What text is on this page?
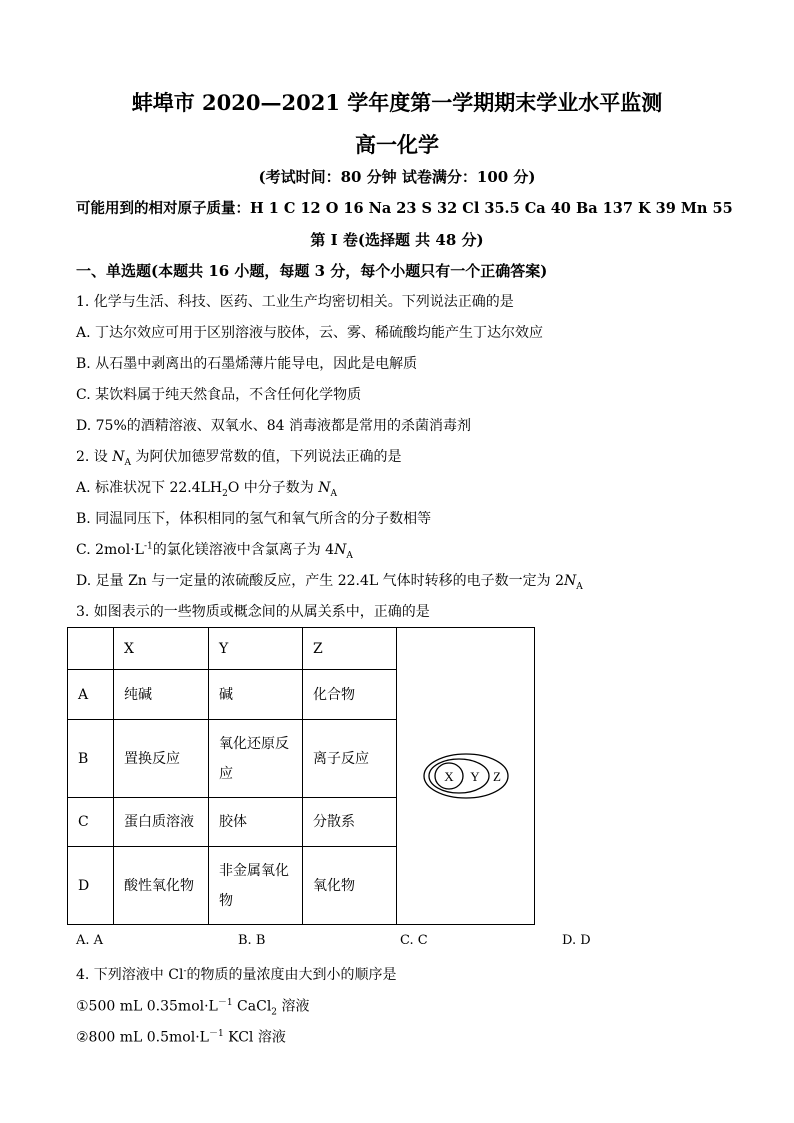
蚌埠市 2020—2021 学年度第一学期期末学业水平监测
高一化学
(考试时间：80 分钟 试卷满分：100 分)
可能用到的相对原子质量：H 1 C 12 O 16 Na 23 S 32 Cl 35.5 Ca 40 Ba 137 K 39 Mn 55
第 I 卷(选择题 共 48 分)
一、单选题(本题共 16 小题，每题 3 分，每个小题只有一个正确答案)
1. 化学与生活、科技、医药、工业生产均密切相关。下列说法正确的是
A. 丁达尔效应可用于区别溶液与胶体，云、雾、稀硫酸均能产生丁达尔效应
B. 从石墨中剥离出的石墨烯薄片能导电，因此是电解质
C. 某饮料属于纯天然食品，不含任何化学物质
D. 75%的酒精溶液、双氧水、84 消毒液都是常用的杀菌消毒剂
2. 设 $N_A$ 为阿伏加德罗常数的值，下列说法正确的是
A. 标准状况下 $22.4LH_2O$ 中分子数为 $N_A$
B. 同温同压下，体积相同的氢气和氧气所含的分子数相等
C. $2mol\cdot L^{-1}$的氯化镁溶液中含氯离子为 $4N_A$
D. 足量 Zn 与一定量的浓硫酸反应，产生 22.4L 气体时转移的电子数一定为 $2N_A$
3. 如图表示的一些物质或概念间的从属关系中，正确的是
	X	Y	Z	X Y Z

A	纯碱	碱	化合物	
B	置换反应	氧化还原反应	离子反应	
C	蛋白质溶液	胶体	分散系	
D	酸性氧化物	非金属氧化物	氧化物	
A. A	B. B	C. C	D. D
4. 下列溶液中 Cl-的物质的量浓度由大到小的顺序是
①500 mL $0.35mol\cdot L^{-1}$ CaCl$_2$ 溶液
②800 mL $0.5mol\cdot L^{-1}$ KCl 溶液
